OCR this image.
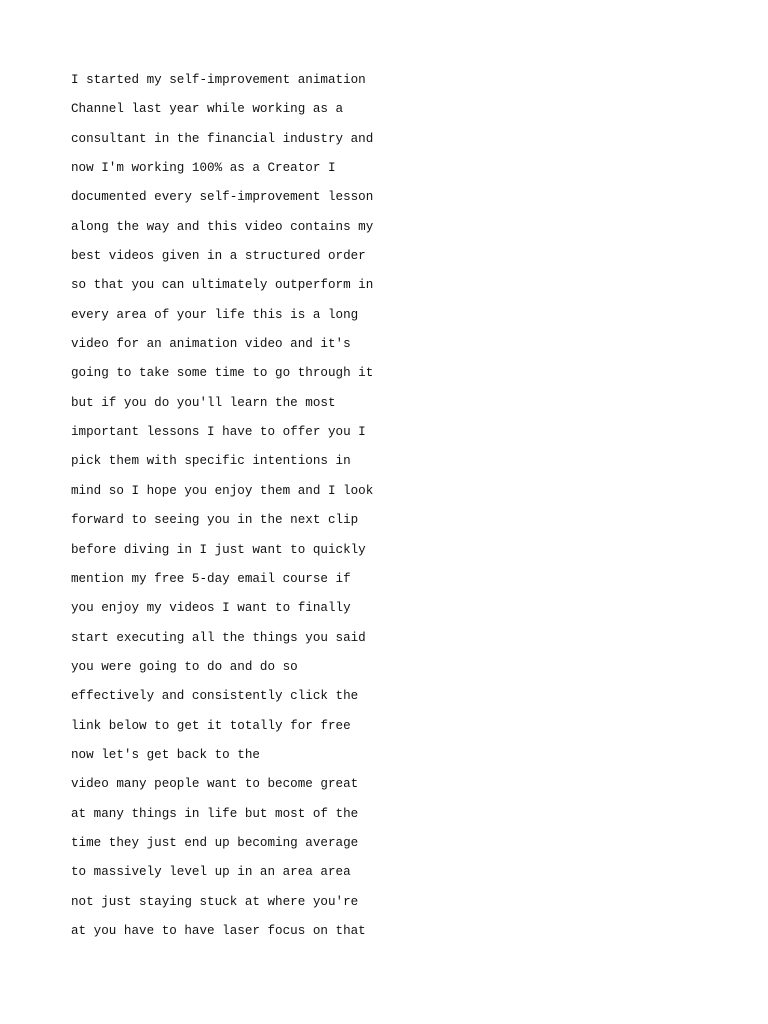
I started my self-improvement animation
Channel last year while working as a
consultant in the financial industry and
now I'm working 100% as a Creator I
documented every self-improvement lesson
along the way and this video contains my
best videos given in a structured order
so that you can ultimately outperform in
every area of your life this is a long
video for an animation video and it's
going to take some time to go through it
but if you do you'll learn the most
important lessons I have to offer you I
pick them with specific intentions in
mind so I hope you enjoy them and I look
forward to seeing you in the next clip
before diving in I just want to quickly
mention my free 5-day email course if
you enjoy my videos I want to finally
start executing all the things you said
you were going to do and do so
effectively and consistently click the
link below to get it totally for free
now let's get back to the
video many people want to become great
at many things in life but most of the
time they just end up becoming average
to massively level up in an area area
not just staying stuck at where you're
at you have to have laser focus on that
